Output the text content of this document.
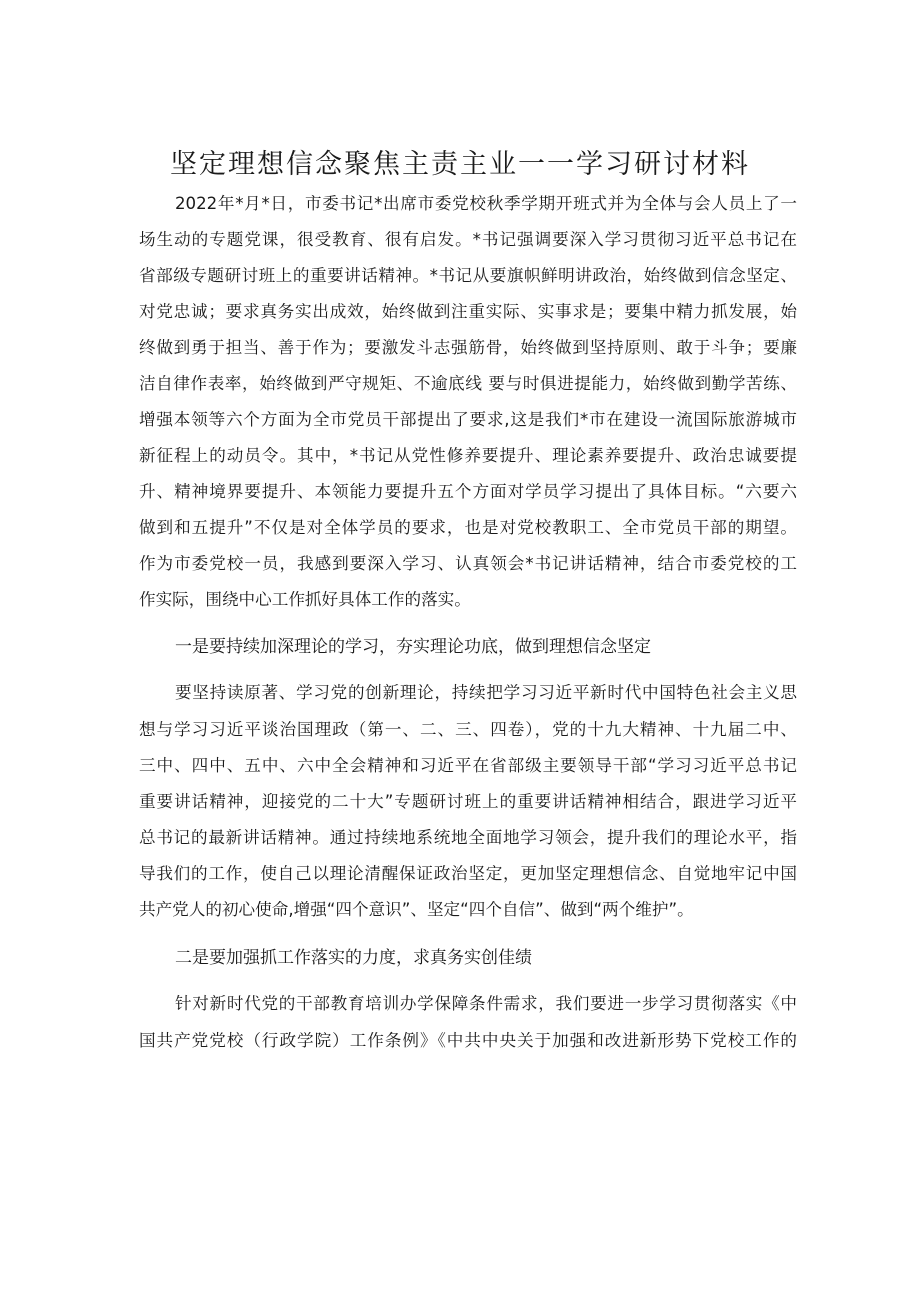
坚定理想信念聚焦主责主业一一学习研讨材料
2022年*月*日，市委书记*出席市委党校秋季学期开班式并为全体与会人员上了一
场生动的专题党课，很受教育、很有启发。*书记强调要深入学习贯彻习近平总书记在
省部级专题研讨班上的重要讲话精神。*书记从要旗帜鲜明讲政治，始终做到信念坚定、
对党忠诚；要求真务实出成效，始终做到注重实际、实事求是；要集中精力抓发展，始
终做到勇于担当、善于作为；要激发斗志强筋骨，始终做到坚持原则、敢于斗争；要廉
洁自律作表率，始终做到严守规矩、不逾底线 要与时俱进提能力，始终做到勤学苦练、
增强本领等六个方面为全市党员干部提出了要求,这是我们*市在建设一流国际旅游城市
新征程上的动员令。其中，*书记从党性修养要提升、理论素养要提升、政治忠诚要提
升、精神境界要提升、本领能力要提升五个方面对学员学习提出了具体目标。“六要六
做到和五提升”不仅是对全体学员的要求，也是对党校教职工、全市党员干部的期望。
作为市委党校一员，我感到要深入学习、认真领会*书记讲话精神，结合市委党校的工
作实际，围绕中心工作抓好具体工作的落实。
一是要持续加深理论的学习，夯实理论功底，做到理想信念坚定
要坚持读原著、学习党的创新理论，持续把学习习近平新时代中国特色社会主义思
想与学习习近平谈治国理政（第一、二、三、四卷），党的十九大精神、十九届二中、
三中、四中、五中、六中全会精神和习近平在省部级主要领导干部“学习习近平总书记
重要讲话精神，迎接党的二十大”专题研讨班上的重要讲话精神相结合，跟进学习近平
总书记的最新讲话精神。通过持续地系统地全面地学习领会，提升我们的理论水平，指
导我们的工作，使自己以理论清醒保证政治坚定，更加坚定理想信念、自觉地牢记中国
共产党人的初心使命,增强“四个意识”、坚定“四个自信”、做到“两个维护”。
二是要加强抓工作落实的力度，求真务实创佳绩
针对新时代党的干部教育培训办学保障条件需求，我们要进一步学习贯彻落实《中
国共产党党校（行政学院）工作条例》《中共中央关于加强和改进新形势下党校工作的
